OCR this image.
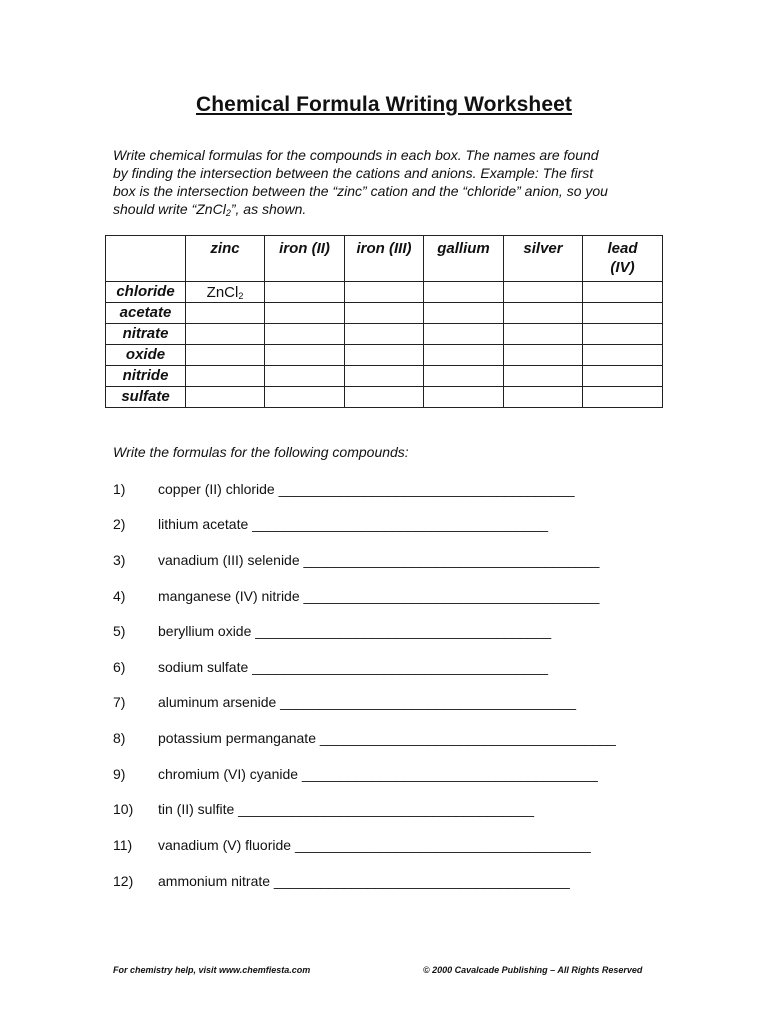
Chemical Formula Writing Worksheet
Write chemical formulas for the compounds in each box. The names are found
by finding the intersection between the cations and anions. Example: The first
box is the intersection between the “zinc” cation and the “chloride” anion, so you
should write “ZnCl$_2$”, as shown.
	zinc	iron (II)	iron (III)	gallium	silver	lead (IV)
chloride	ZnCl$_2$					
acetate						
nitrate						
oxide						
nitride						
sulfate						
Write the formulas for the following compounds:
1) copper (II) chloride ______________________________________
2) lithium acetate ______________________________________
3) vanadium (III) selenide ______________________________________
4) manganese (IV) nitride ______________________________________
5) beryllium oxide ______________________________________
6) sodium sulfate ______________________________________
7) aluminum arsenide ______________________________________
8) potassium permanganate ______________________________________
9) chromium (VI) cyanide ______________________________________
10) tin (II) sulfite ______________________________________
11) vanadium (V) fluoride ______________________________________
12) ammonium nitrate ______________________________________
For chemistry help, visit www.chemfiesta.com	© 2000 Cavalcade Publishing – All Rights Reserved
